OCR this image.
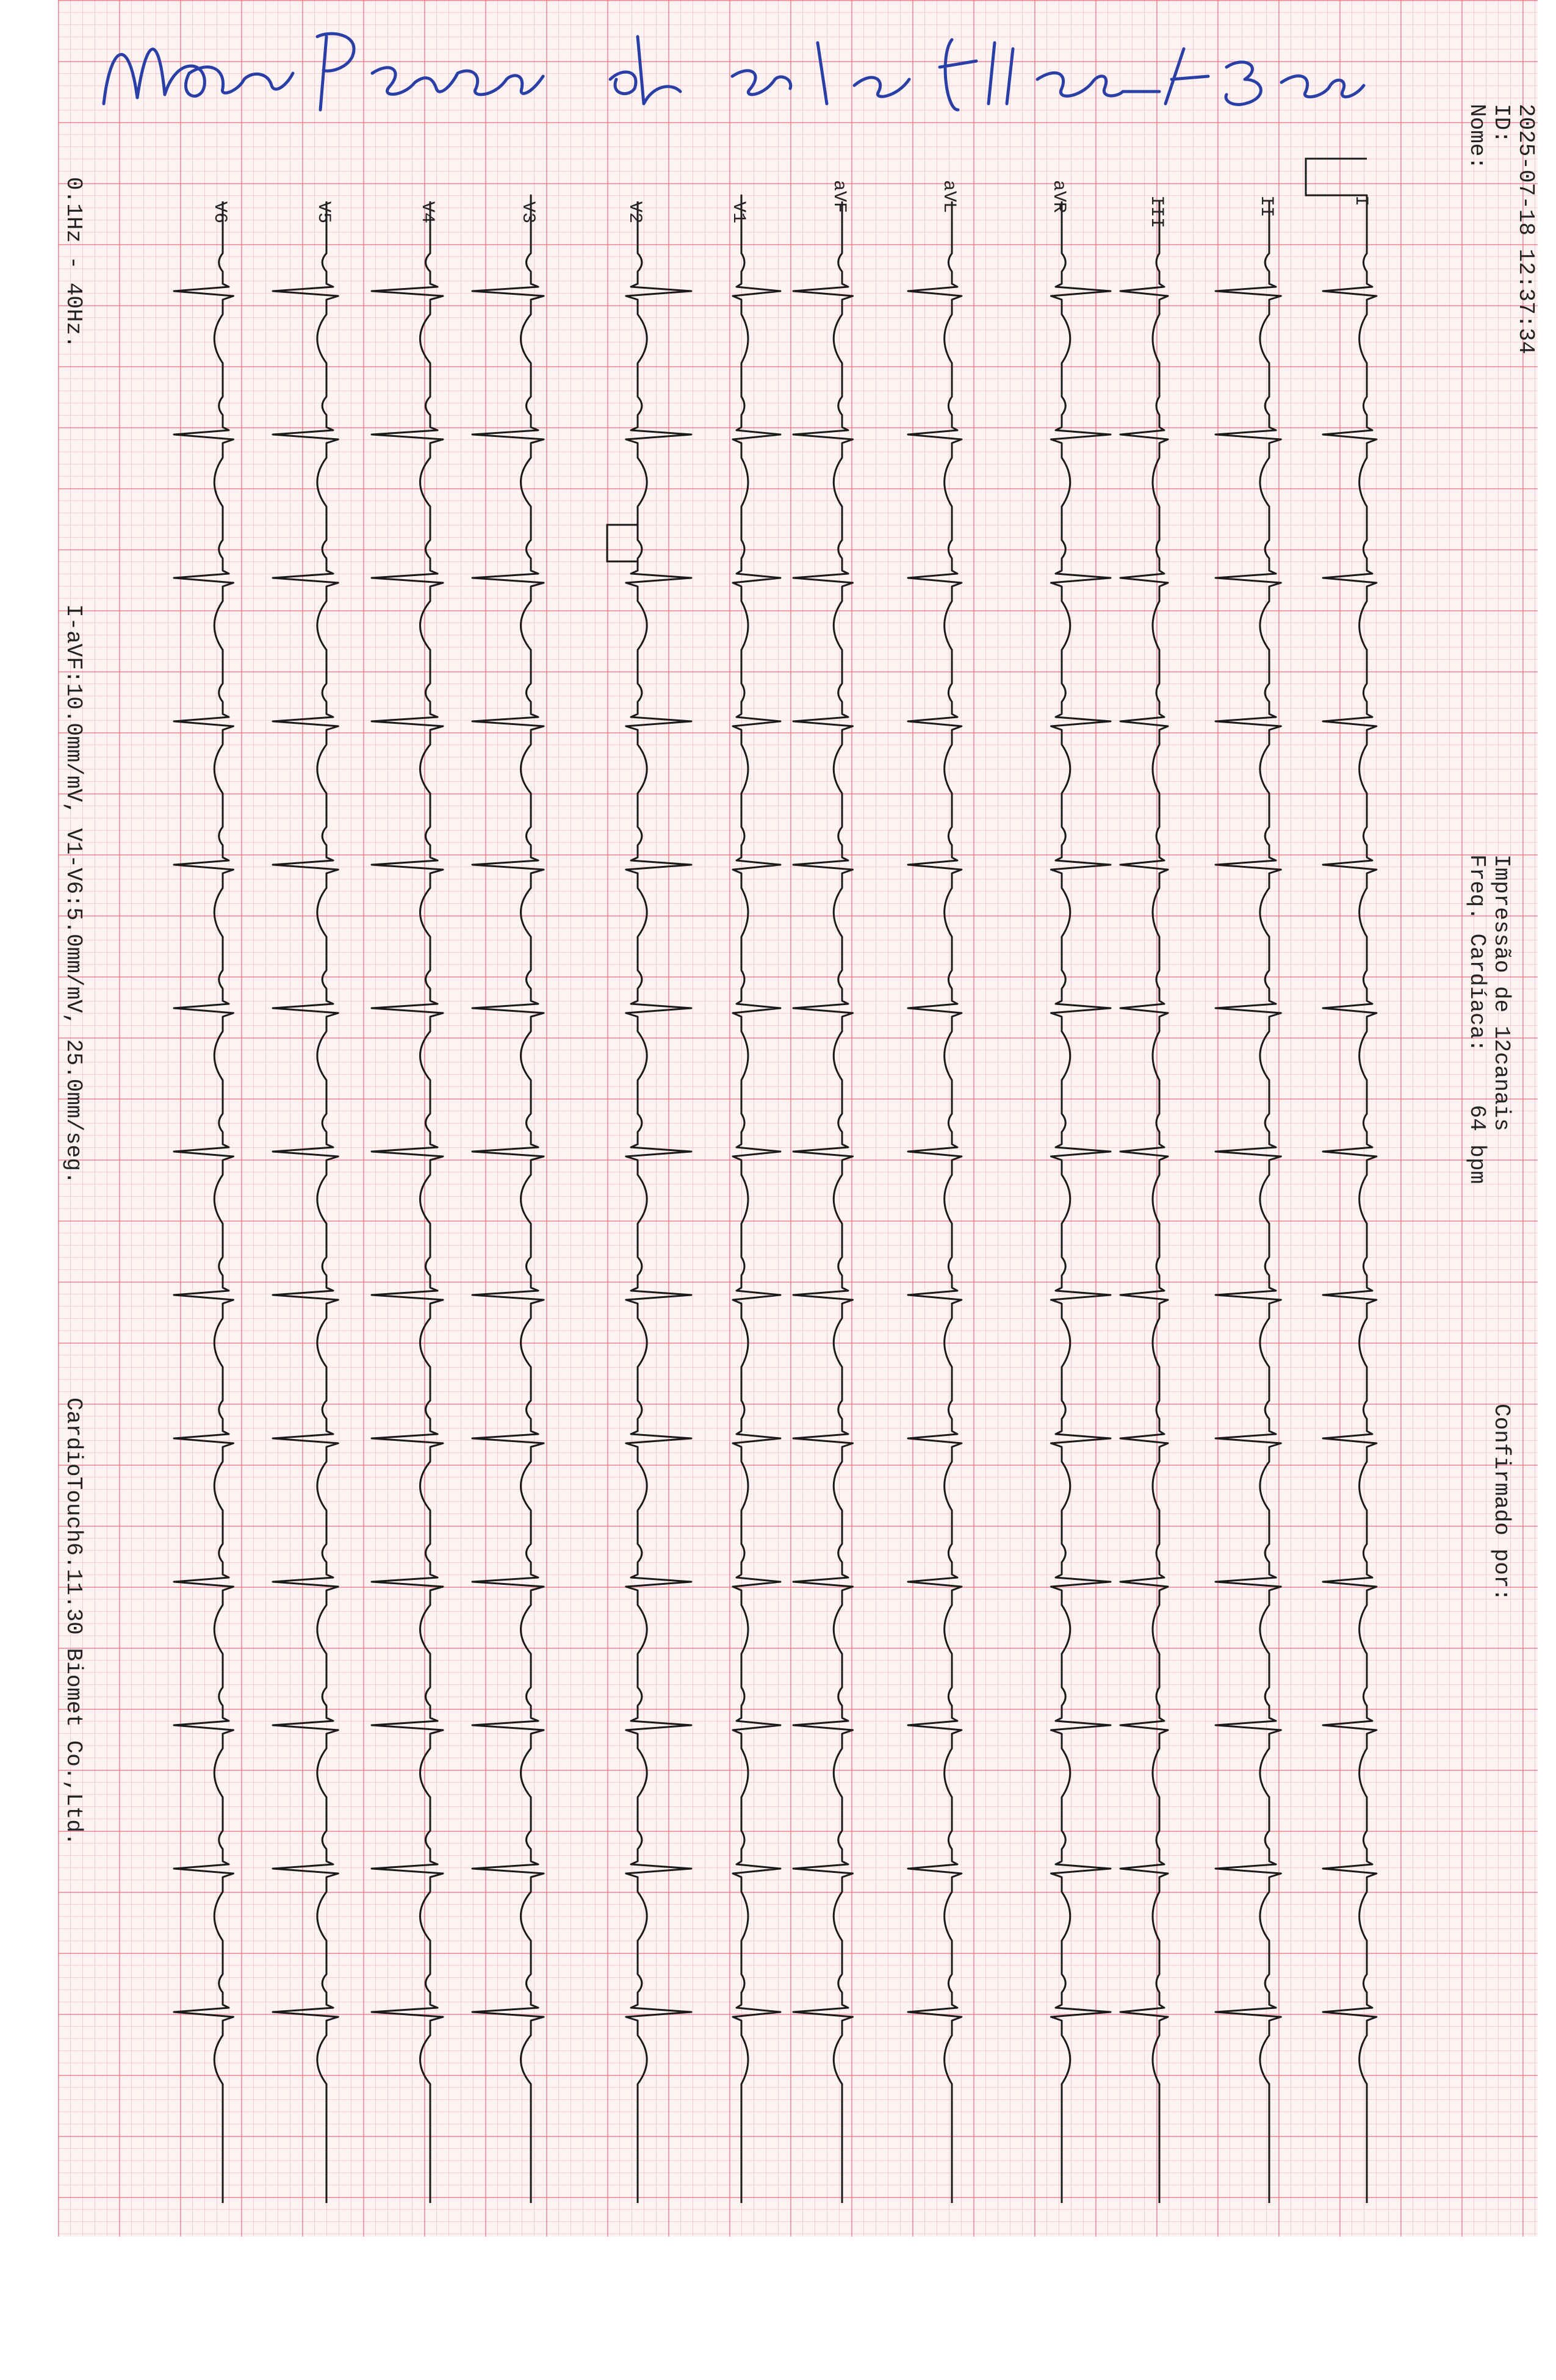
2025-07-18 12:37:34
ID:
Nome:
Impressão de 12canais
Freq. Cardíaca:    64 bpm
Confirmado por:
I
II
III
aVR
aVL
aVF
V1
V2
V3
V4
V5
V6
0.1Hz - 40Hz.
I-aVF:10.0mm/mV, V1-V6:5.0mm/mV, 25.0mm/seg.
CardioTouch6.11.30 Biomet Co.,Ltd.
